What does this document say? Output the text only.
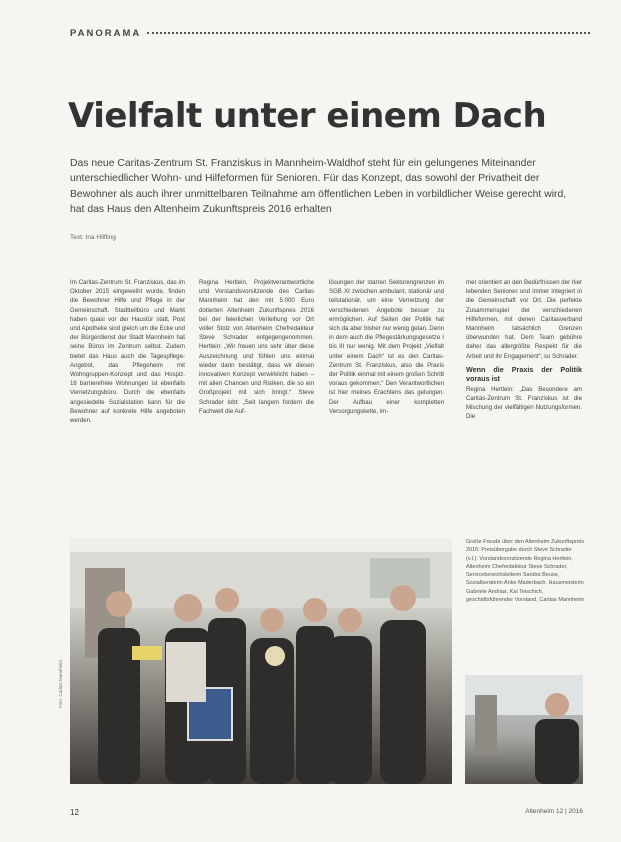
PANORAMA
Vielfalt unter einem Dach

Das neue Caritas-Zentrum St. Franziskus in Mannheim-Waldhof steht für ein gelungenes Miteinander unterschiedlicher Wohn- und Hilfeformen für Senioren. Für das Konzept, das sowohl der Privatheit der Bewohner als auch ihrer unmittelbaren Teilnahme am öffentlichen Leben in vorbildlicher Weise gerecht wird, hat das Haus den Altenheim Zukunftspreis 2016 erhalten

Text: Ina Hilfling

Im Caritas-Zentrum St. Franziskus, das im Oktober 2015 eingeweiht wurde, finden die Bewohner Hilfe und Pflege in der Gemeinschaft. Stadtteilbüro und Markt haben quasi vor der Haustür statt, Post und Apotheke sind gleich um die Ecke und der Bürgerdienst der Stadt Mannheim hat seine Büros im Zentrum selbst. Zudem bietet das Haus auch die Tagespflege-Angebot, das Pflegeheim mit Wohngruppen-Konzept und das Hospiz. 16 barrierefreie Wohnungen ist ebenfalls Vernetzungsbüro. Durch die ebenfalls angesiedelte Sozialstation kann für die Bewohner auf konkrete Hilfe angeboten werden.

Regina Hertlein, Projektverantwortliche und Vorstandsvorsitzende des Caritas Mannheim hat den mit 5.000 Euro dotierten Altenheim Zukunftspreis 2016 bei der feierlichen Verleihung vor Ort voller Stolz von Altenheim Chefredakteur Steve Schrader entgegengenommen. Hertlein: „Wir freuen uns sehr über diese Auszeichnung und fühlen uns einmal wieder darin bestätigt, dass wir diesen innovativen Konzept verwirklicht haben – mit allen Chancen und Risiken, die so ein Großprojekt mit sich bringt.“ Steve Schrader lobt: „Seit langem fordern die Fachwelt die Auf-

lösungen der starren Sektorengrenzen im SGB XI zwischen ambulant, stationär und teilstationär, um eine Vernetzung der verschiedenen Angebote besser zu ermöglichen. Auf Seiten der Politik hat sich da aber bisher nur wenig getan. Denn in dem auch die Pflegestärkungsgesetze I bis III nur wenig. Mit dem Projekt „Vielfalt unter einem Dach“ ist es den Caritas-Zentrum St. Franziskus, also die Praxis der Politik einmal mit einem großen Schritt voraus gekommen.“ Den Verantwortlichen ist hier meines Erachtens das gelungen. Der Aufbau einer kompletten Versorgungskette, im-

mer orientiert an den Bedürfnissen der hier lebenden Senioren und immer integriert in die Gemeinschaft vor Ort. Die perfekte Zusammenspiel der verschiedenen Hilfeformen, mit denen Caritasverband Mannheim tatsächlich Grenzen überwunden hat. Dem Team gebühre daher das allergrößte Respekt für die Arbeit und ihr Engagement“, so Schrader.

Wenn die Praxis der Politik voraus ist

Regina Hertlein: „Das Besondere am Caritas-Zentrum St. Franziskus ist die Mischung der vielfältigen Nutzungsformen. Die

Foto: Caritas Mannheim

Große Freude über den Altenheim Zukunftspreis 2016: Preisübergabe durch Steve Schrader (v.l.): Vorstandsvorsitzende Regina Hertlein, Altenheim Chefredakteur Steve Schrader, Servicebereichsleiterin Sandra Beuse, Sozialberaterin Anke Maderbach, Hausmeisterin Gabriele Andrias, Kai Teischich, geschäftsführender Vorstand, Caritas Mannheim

12	Altenheim 12 | 2016
